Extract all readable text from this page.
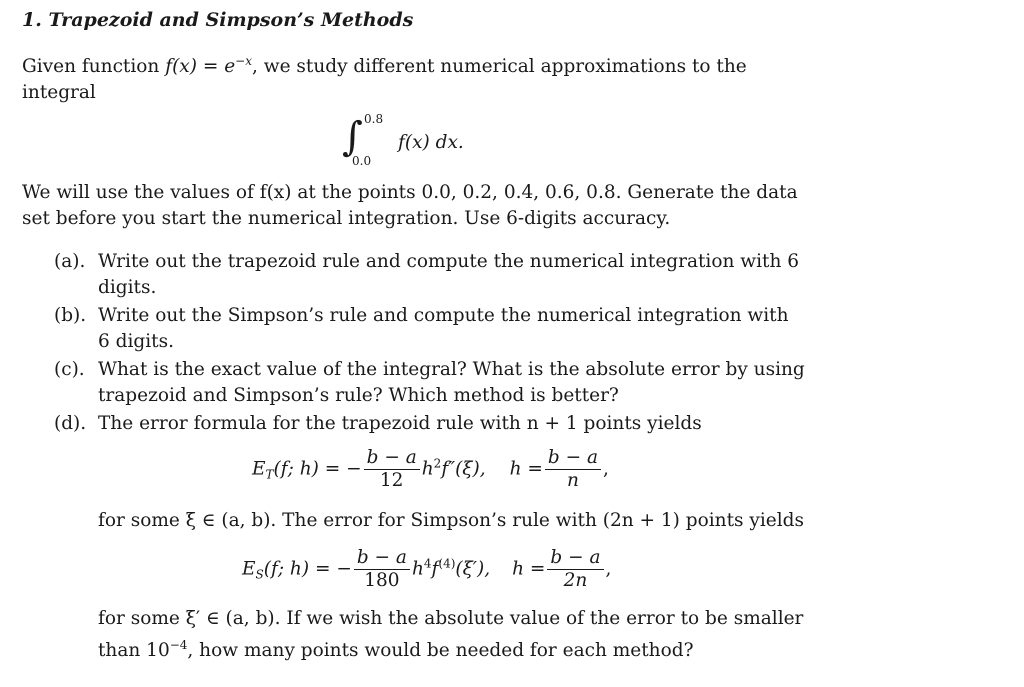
1. Trapezoid and Simpson’s Methods
Given function $f(x) = e^{-x}$, we study different numerical approximations to the
integral
∫ 0.8
0.0
f(x) dx.
We will use the values of f(x) at the points 0.0, 0.2, 0.4, 0.6, 0.8. Generate the data
set before you start the numerical integration. Use 6-digits accuracy.
(a). Write out the trapezoid rule and compute the numerical integration with 6
digits.
(b). Write out the Simpson’s rule and compute the numerical integration with
6 digits.
(c). What is the exact value of the integral? What is the absolute error by using
trapezoid and Simpson’s rule? Which method is better?
(d). The error formula for the trapezoid rule with n + 1 points yields
$E_T(f$; h) = − $\frac{b - a}{12} h^2f''(\xi)$, $h = \frac{b - a}{n}$ ,
for some ξ ∈ (a, b). The error for Simpson’s rule with (2n + 1) points yields
$E_S(f$; h) = − $\frac{b - a}{180} h^4f^{(4)}(\xi')$, $h = \frac{b - a}{2n}$ ,
for some ξ′ ∈ (a, b). If we wish the absolute value of the error to be smaller
than $10^{-4}$, how many points would be needed for each method?
